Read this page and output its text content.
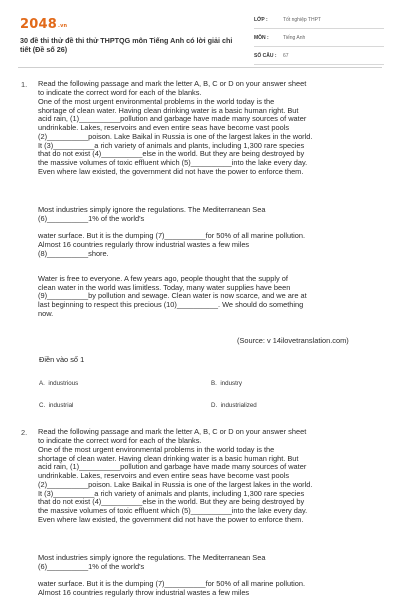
2048.vn
30 đề thi thử đề thi thử THPTQG môn Tiếng Anh có lời giải chi tiết (Đề số 26)
LỚP :	Tốt nghiệp THPT
MÔN :	Tiếng Anh
SỐ CÂU : 67
1. Read the following passage and mark the letter A, B, C or D on your answer sheet
to indicate the correct word for each of the blanks.
One of the most urgent environmental problems in the world today is the
shortage of clean water. Having clean drinking water is a basic human right. But
acid rain, (1)__________pollution and garbage have made many sources of water
undrinkable. Lakes, reservoirs and even entire seas have become vast pools
(2)__________poison. Lake Baikal in Russia is one of the largest lakes in the world.
It (3)__________a rich variety of animals and plants, including 1,300 rare species
that do not exist (4)__________else in the world. But they are being destroyed by
the massive volumes of toxic effluent which (5)__________into the lake every day.
Even where law existed, the government did not have the power to enforce them.
Most industries simply ignore the regulations. The Mediterranean Sea
(6)__________1% of the world's
water surface. But it is the dumping (7)__________for 50% of all marine pollution.
Almost 16 countries regularly throw industrial wastes a few miles
(8)__________shore.
Water is free to everyone. A few years ago, people thought that the supply of
clean water in the world was limitless. Today, many water supplies have been
(9)__________by pollution and sewage. Clean water is now scarce, and we are at
last beginning to respect this precious (10)__________. We should do something
now.
(Source: v 14ilovetranslation.com)
Điền vào số 1
A. industrious	B. industry
C. industrial	D. industrialized
2. Read the following passage and mark the letter A, B, C or D on your answer sheet
to indicate the correct word for each of the blanks.
One of the most urgent environmental problems in the world today is the
shortage of clean water. Having clean drinking water is a basic human right. But
acid rain, (1)__________pollution and garbage have made many sources of water
undrinkable. Lakes, reservoirs and even entire seas have become vast pools
(2)__________poison. Lake Baikal in Russia is one of the largest lakes in the world.
It (3)__________a rich variety of animals and plants, including 1,300 rare species
that do not exist (4)__________else in the world. But they are being destroyed by
the massive volumes of toxic effluent which (5)__________into the lake every day.
Even where law existed, the government did not have the power to enforce them.
Most industries simply ignore the regulations. The Mediterranean Sea
(6)__________1% of the world's
water surface. But it is the dumping (7)__________for 50% of all marine pollution.
Almost 16 countries regularly throw industrial wastes a few miles
